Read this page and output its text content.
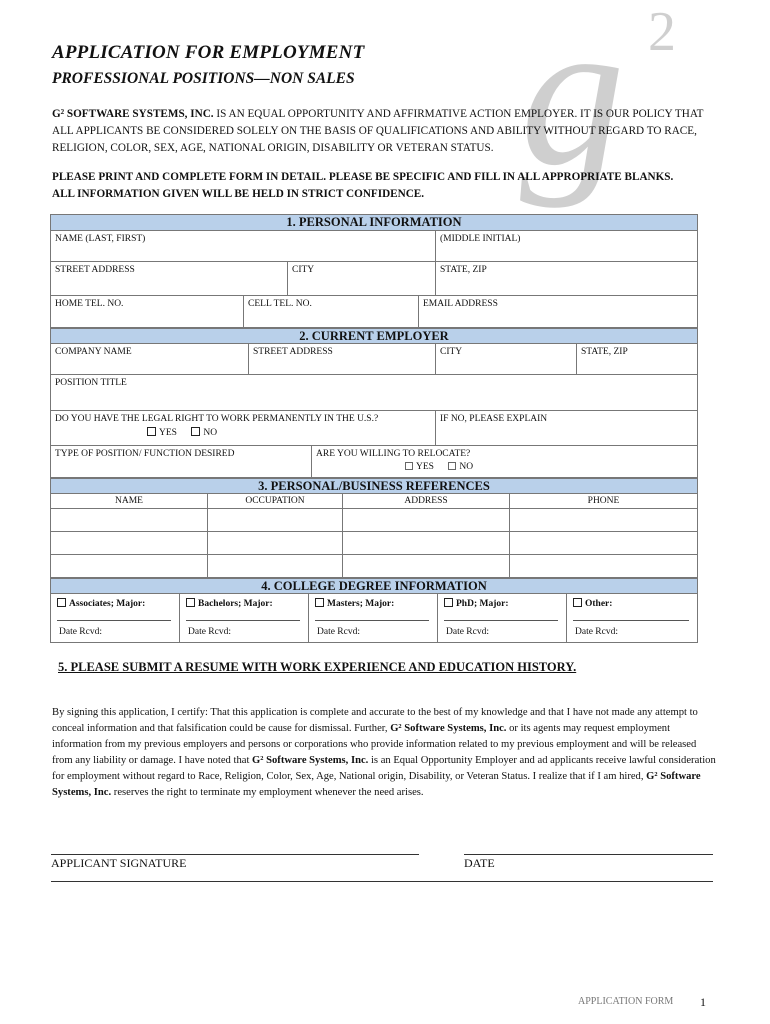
g 2
APPLICATION FOR EMPLOYMENT
PROFESSIONAL POSITIONS—NON SALES
G² SOFTWARE SYSTEMS, INC. IS AN EQUAL OPPORTUNITY AND AFFIRMATIVE ACTION EMPLOYER. IT IS OUR POLICY THAT ALL APPLICANTS BE CONSIDERED SOLELY ON THE BASIS OF QUALIFICATIONS AND ABILITY WITHOUT REGARD TO RACE, RELIGION, COLOR, SEX, AGE, NATIONAL ORIGIN, DISABILITY OR VETERAN STATUS.
PLEASE PRINT AND COMPLETE FORM IN DETAIL. PLEASE BE SPECIFIC AND FILL IN ALL APPROPRIATE BLANKS.
ALL INFORMATION GIVEN WILL BE HELD IN STRICT CONFIDENCE.
1. PERSONAL INFORMATION
NAME (LAST, FIRST)	(MIDDLE INITIAL)
STREET ADDRESS	CITY	STATE, ZIP
HOME TEL. NO.	CELL TEL. NO.	EMAIL ADDRESS
2. CURRENT EMPLOYER
COMPANY NAME	STREET ADDRESS	CITY	STATE, ZIP
POSITION TITLE
DO YOU HAVE THE LEGAL RIGHT TO WORK PERMANENTLY IN THE U.S.?
YES	NO
IF NO, PLEASE EXPLAIN
TYPE OF POSITION/ FUNCTION DESIRED	ARE YOU WILLING TO RELOCATE?
YES	NO
3. PERSONAL/BUSINESS REFERENCES
NAME	OCCUPATION	ADDRESS	PHONE
4. COLLEGE DEGREE INFORMATION
Associates; Major:
Date Rcvd:
Bachelors; Major:
Date Rcvd:
Masters; Major:
Date Rcvd:
PhD; Major:
Date Rcvd:
Other:
Date Rcvd:
5. PLEASE SUBMIT A RESUME WITH WORK EXPERIENCE AND EDUCATION HISTORY.
By signing this application, I certify: That this application is complete and accurate to the best of my knowledge and that I have not made any attempt to conceal information and that falsification could be cause for dismissal. Further, G² Software Systems, Inc. or its agents may request employment information from my previous employers and persons or corporations who provide information related to my previous employment and will be released from any liability or damage. I have noted that G² Software Systems, Inc. is an Equal Opportunity Employer and ad applicants receive lawful consideration for employment without regard to Race, Religion, Color, Sex, Age, National origin, Disability, or Veteran Status. I realize that if I am hired, G² Software Systems, Inc. reserves the right to terminate my employment whenever the need arises.
APPLICANT SIGNATURE	DATE
APPLICATION FORM 1
